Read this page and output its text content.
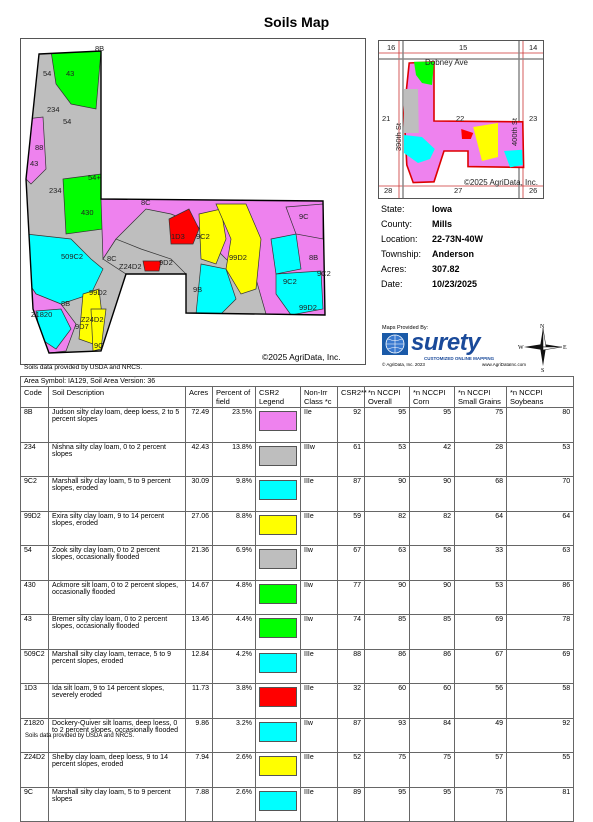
Soils Map
8B
54 43
234
54
88
43
54+
234
430
8C
1D3 9C2
99D2
9C
8B
9C2
509C2	8C
Z24D2 9D2
9B
9C2
99D2
8B
99D2
Z1820
9D7
Z24D2
9C
©2025 AgriData, Inc.
Soils data provided by USDA and NRCS.
16	15	14
21	22	23
28	27	26
Dobney Ave
390th St	400th St
©2025 AgriData, Inc.
State:	Iowa
County: Mills
Location: 22-73N-40W
Township: Anderson
Acres:	307.82
Date:	10/23/2025
Maps Provided By:
surety
CUSTOMIZED ONLINE MAPPING
© AgriData, Inc. 2023	www.AgriDataInc.com
N
S
E
W
Area Symbol: IA129, Soil Area Version: 36										
Code	Soil Description	Acres	Percent of field	CSR2 Legend	Non-Irr Class *c	CSR2**	*n NCCPI Overall	*n NCCPI Corn	*n NCCPI Small Grains	*n NCCPI Soybeans
8B	Judson silty clay loam, deep loess, 2 to 5 percent slopes	72.49	23.5%		IIe	92	95	95	75	80
234	Nishna silty clay loam, 0 to 2 percent slopes	42.43	13.8%		IIIw	61	53	42	28	53
9C2	Marshall silty clay loam, 5 to 9 percent slopes, eroded	30.09	9.8%		IIIe	87	90	90	68	70
99D2	Exira silty clay loam, 9 to 14 percent slopes, eroded	27.06	8.8%		IIIe	59	82	82	64	64
54	Zook silty clay loam, 0 to 2 percent slopes, occasionally flooded	21.36	6.9%		IIw	67	63	58	33	63
430	Ackmore silt loam, 0 to 2 percent slopes, occasionally flooded	14.67	4.8%		IIw	77	90	90	53	86
43	Bremer silty clay loam, 0 to 2 percent slopes, occasionally flooded	13.46	4.4%		IIw	74	85	85	69	78
509C2	Marshall silty clay loam, terrace, 5 to 9 percent slopes, eroded	12.84	4.2%		IIIe	88	86	86	67	69
1D3	Ida silt loam, 9 to 14 percent slopes, severely eroded	11.73	3.8%		IIIe	32	60	60	56	58
Z1820	Dockery-Quiver silt loams, deep loess, 0 to 2 percent slopes, occasionally flooded	9.86	3.2%		IIw	87	93	84	49	92
Z24D2	Shelby clay loam, deep loess, 9 to 14 percent slopes, eroded	7.94	2.6%		IIIe	52	75	75	57	55
9C	Marshall silty clay loam, 5 to 9 percent slopes	7.88	2.6%		IIIe	89	95	95	75	81
Soils data provided by USDA and NRCS.
